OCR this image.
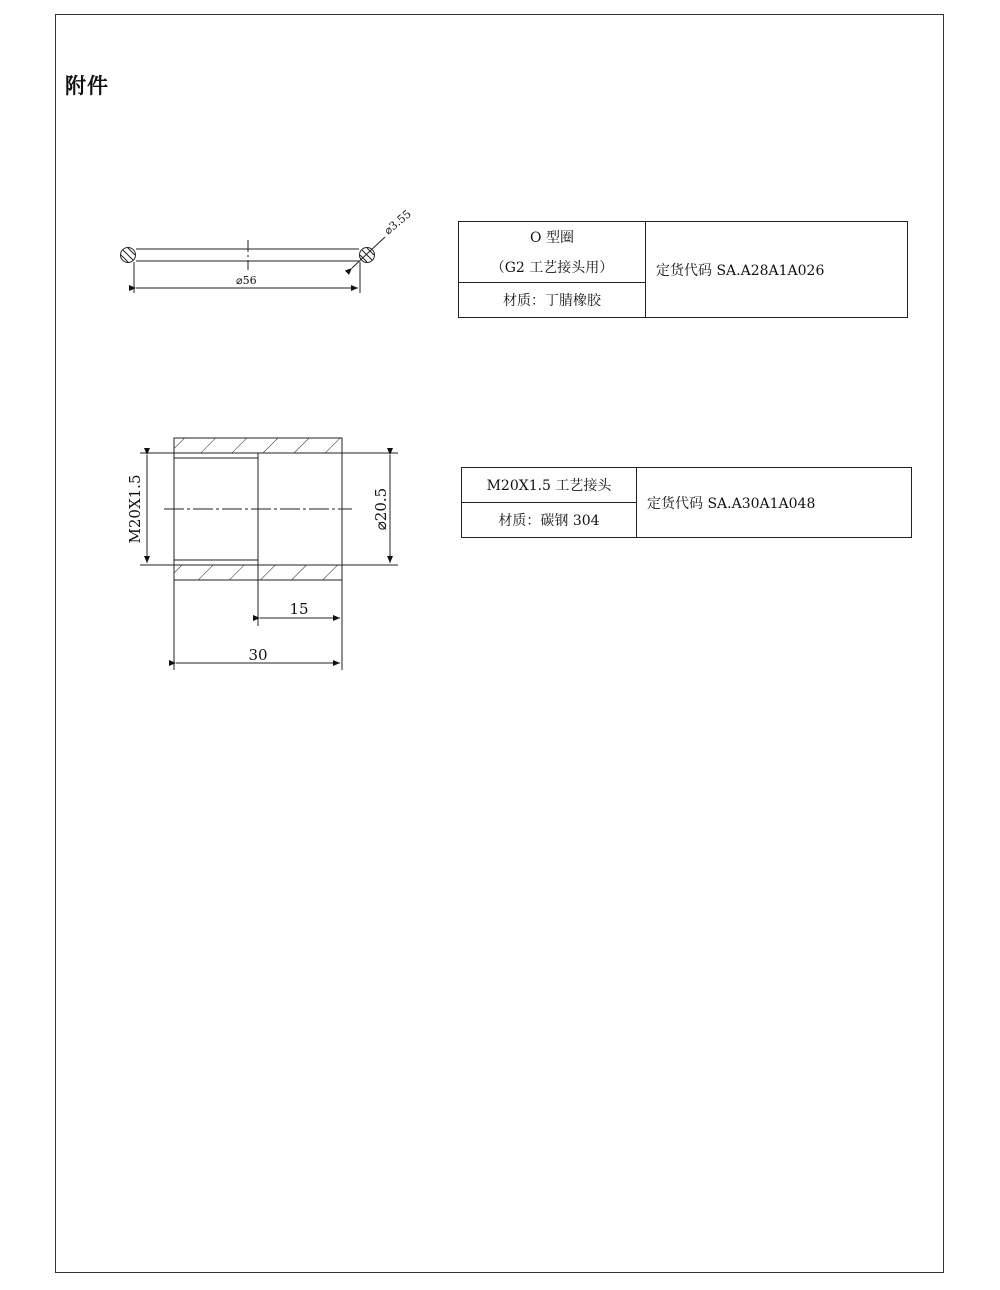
附件
⌀56
⌀3.55
M20X1.5	⌀20.5
15
30
O 型圈	定货代码 SA.A28A1A026
（G2 工艺接头用）
材质：丁腈橡胶
M20X1.5 工艺接头	定货代码 SA.A30A1A048
材质：碳钢 304
